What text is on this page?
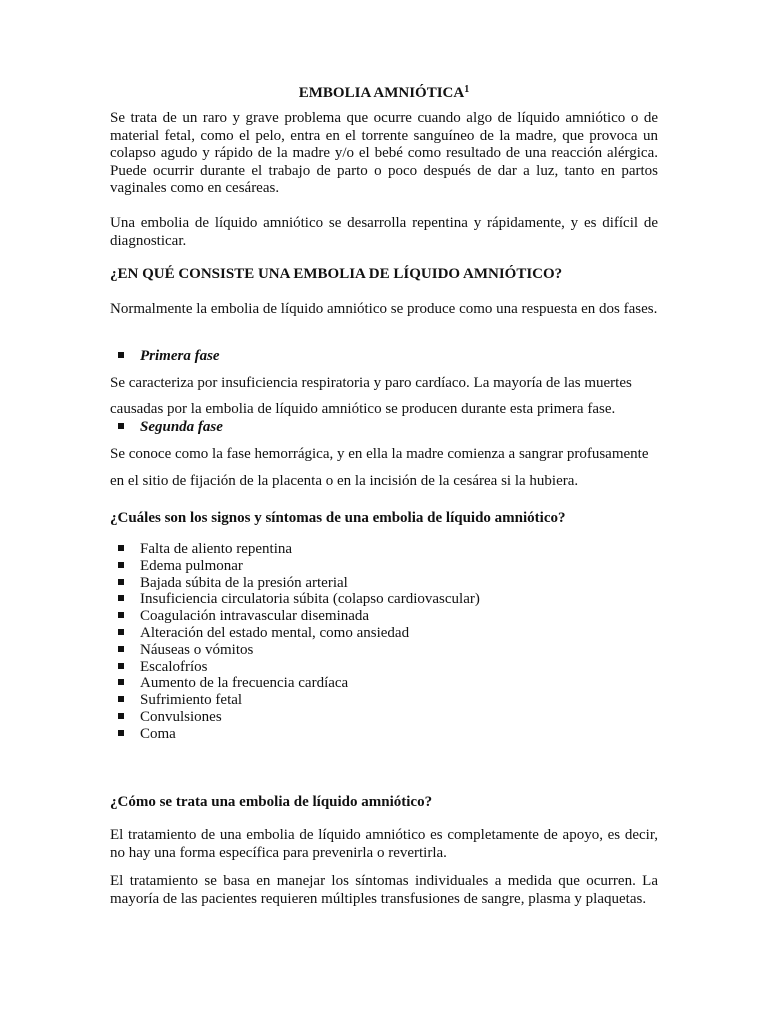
EMBOLIA AMNIÓTICA$^1$

Se trata de un raro y grave problema que ocurre cuando algo de líquido amniótico o de material fetal, como el pelo, entra en el torrente sanguíneo de la madre, que provoca un colapso agudo y rápido de la madre y/o el bebé como resultado de una reacción alérgica. Puede ocurrir durante el trabajo de parto o poco después de dar a luz, tanto en partos vaginales como en cesáreas.

Una embolia de líquido amniótico se desarrolla repentina y rápidamente, y es difícil de diagnosticar.

¿EN QUÉ CONSISTE UNA EMBOLIA DE LÍQUIDO AMNIÓTICO?

Normalmente la embolia de líquido amniótico se produce como una respuesta en dos fases.

Primera fase

Se caracteriza por insuficiencia respiratoria y paro cardíaco. La mayoría de las muertes

causadas por la embolia de líquido amniótico se producen durante esta primera fase.

Segunda fase

Se conoce como la fase hemorrágica, y en ella la madre comienza a sangrar profusamente

en el sitio de fijación de la placenta o en la incisión de la cesárea si la hubiera.

¿Cuáles son los signos y síntomas de una embolia de líquido amniótico?

Falta de aliento repentina
Edema pulmonar
Bajada súbita de la presión arterial
Insuficiencia circulatoria súbita (colapso cardiovascular)
Coagulación intravascular diseminada
Alteración del estado mental, como ansiedad
Náuseas o vómitos
Escalofríos
Aumento de la frecuencia cardíaca
Sufrimiento fetal
Convulsiones
Coma

¿Cómo se trata una embolia de líquido amniótico?

El tratamiento de una embolia de líquido amniótico es completamente de apoyo, es decir, no hay una forma específica para prevenirla o revertirla.

El tratamiento se basa en manejar los síntomas individuales a medida que ocurren. La mayoría de las pacientes requieren múltiples transfusiones de sangre, plasma y plaquetas.
